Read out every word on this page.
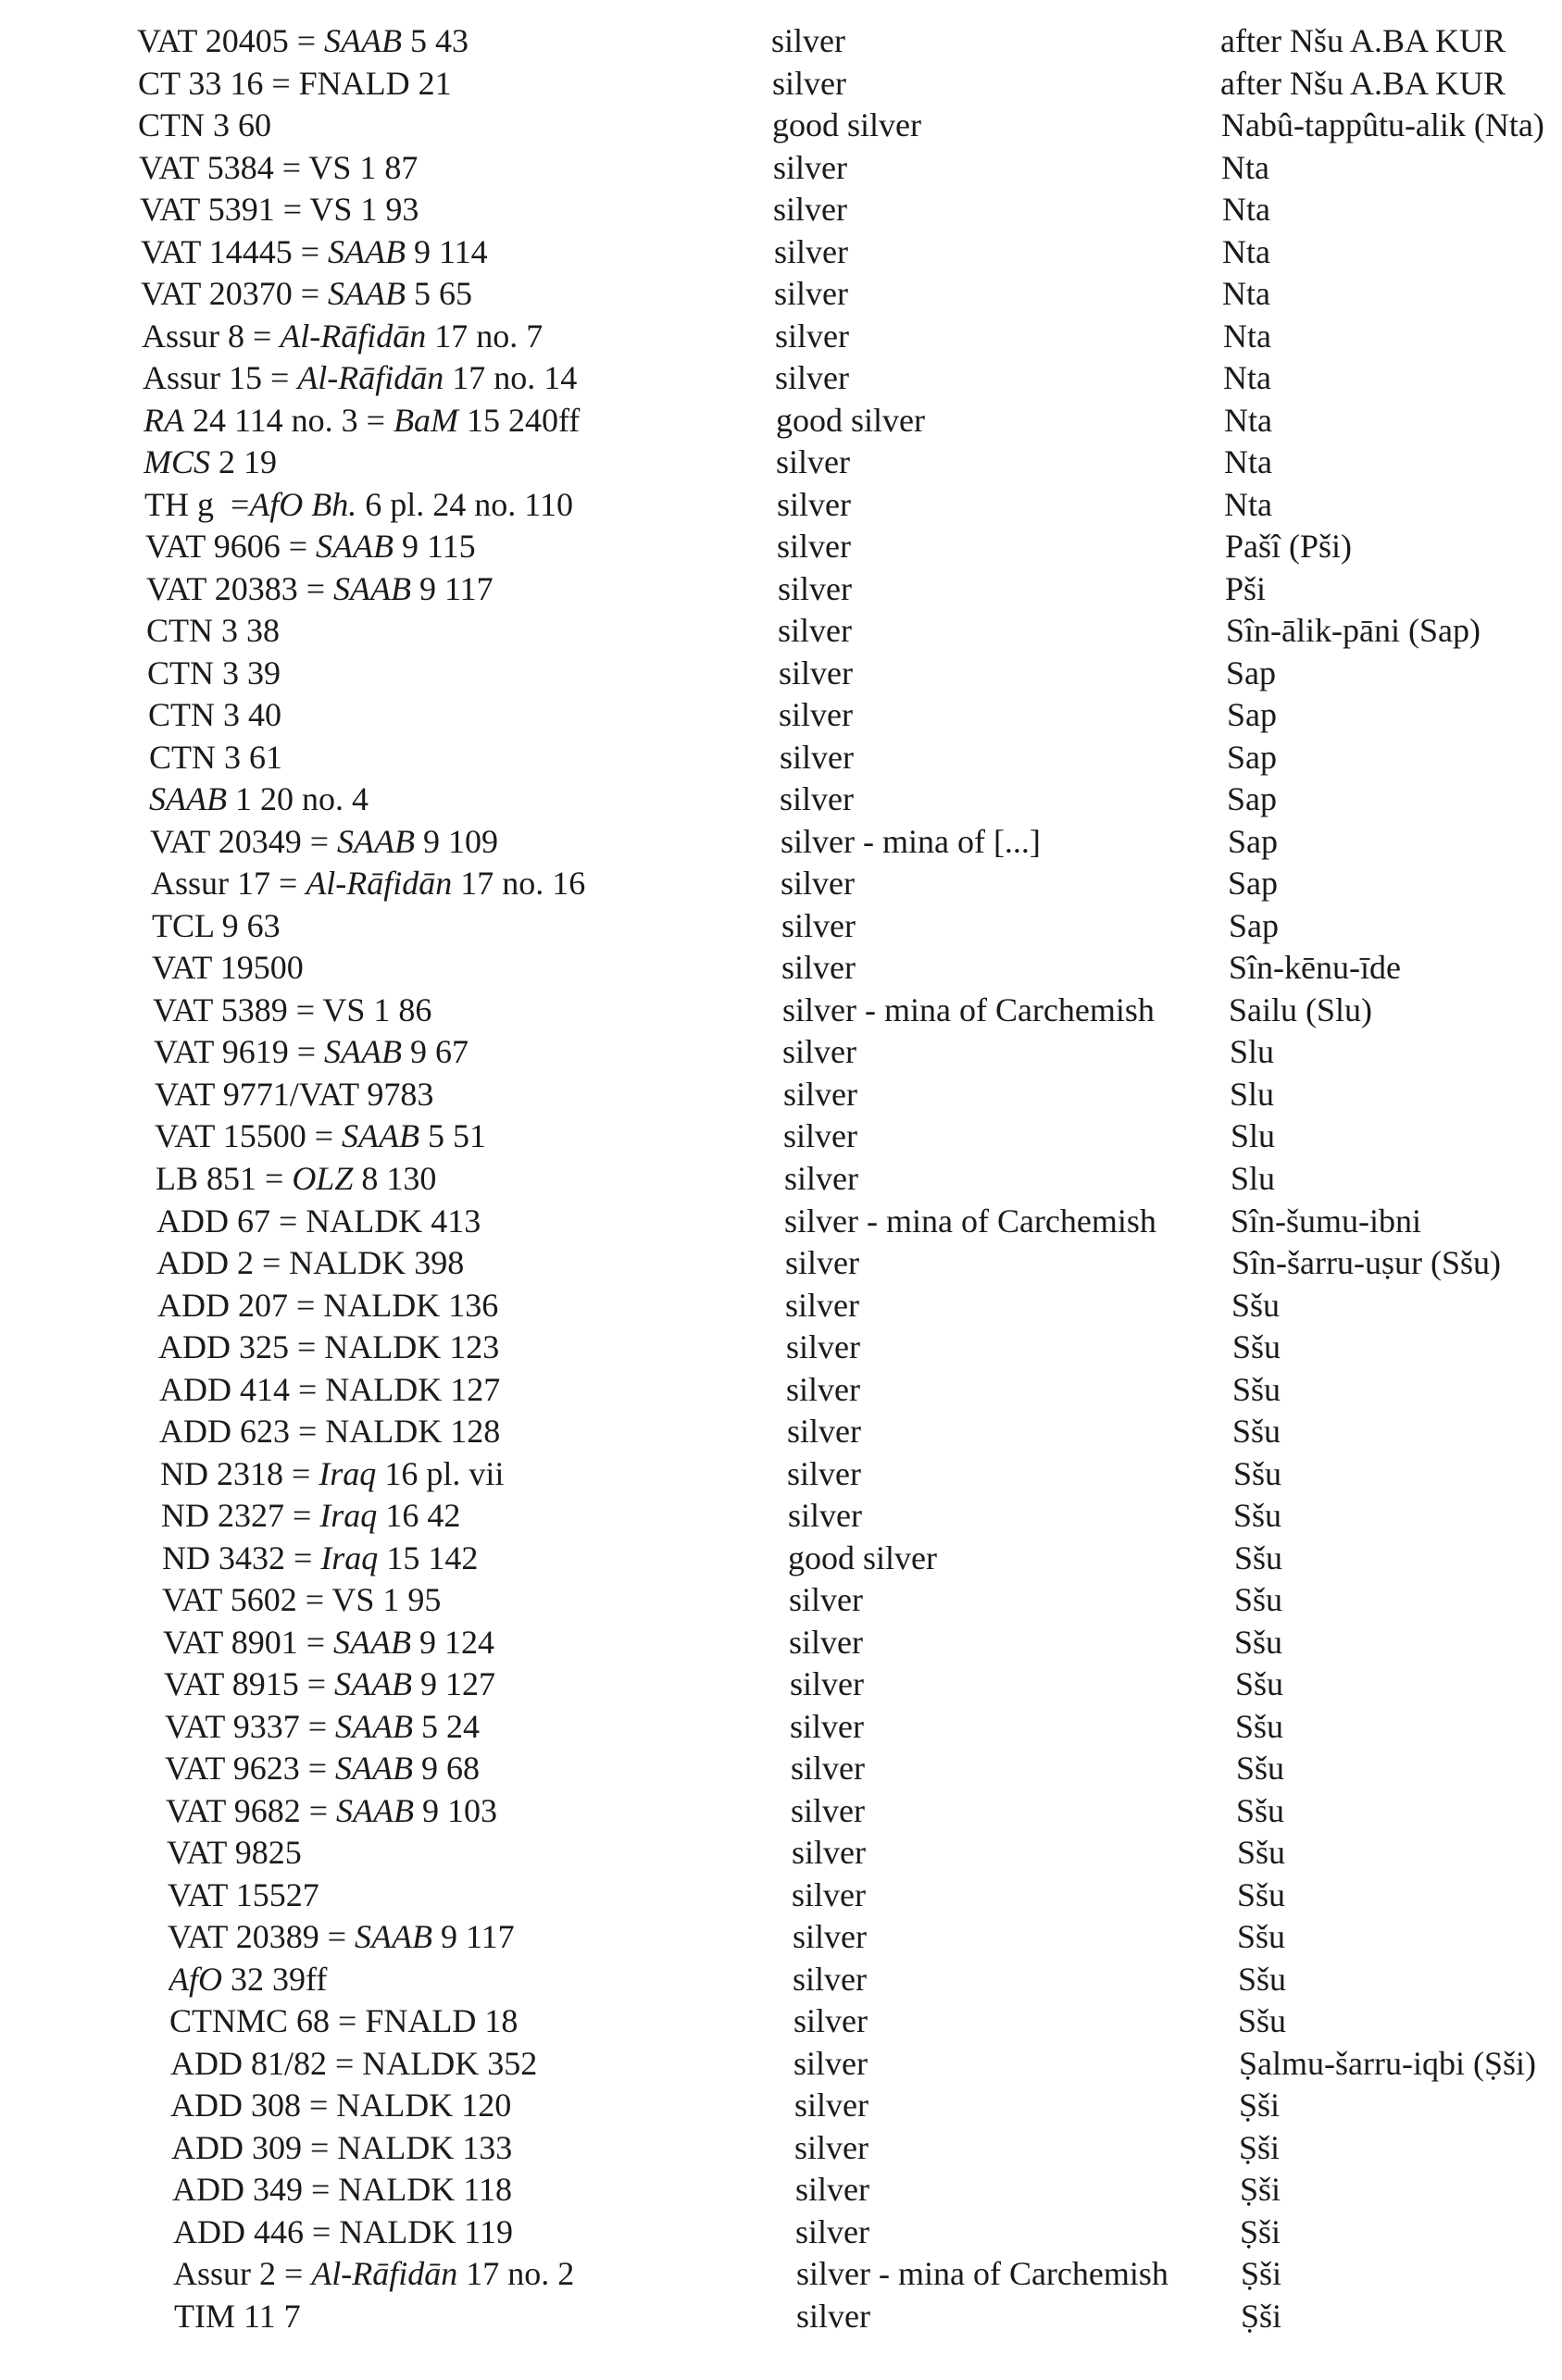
VAT 20405 = SAAB 5 43	silver	after Nšu A.BA KUR
CT 33 16 = FNALD 21	silver	after Nšu A.BA KUR
CTN 3 60	good silver	Nabû-tappûtu-alik (Nta)
VAT 5384 = VS 1 87	silver	Nta
VAT 5391 = VS 1 93	silver	Nta
VAT 14445 = SAAB 9 114	silver	Nta
VAT 20370 = SAAB 5 65	silver	Nta
Assur 8 = Al-Rāfidān 17 no. 7	silver	Nta
Assur 15 = Al-Rāfidān 17 no. 14	silver	Nta
RA 24 114 no. 3 = BaM 15 240ff	good silver	Nta
MCS 2 19	silver	Nta
TH g  =AfO Bh. 6 pl. 24 no. 110	silver	Nta
VAT 9606 = SAAB 9 115	silver	Pašî (Pši)
VAT 20383 = SAAB 9 117	silver	Pši
CTN 3 38	silver	Sîn-ālik-pāni (Sap)
CTN 3 39	silver	Sap
CTN 3 40	silver	Sap
CTN 3 61	silver	Sap
SAAB 1 20 no. 4	silver	Sap
VAT 20349 = SAAB 9 109	silver - mina of [...]	Sap
Assur 17 = Al-Rāfidān 17 no. 16	silver	Sap
TCL 9 63	silver	Sap
VAT 19500	silver	Sîn-kēnu-īde
VAT 5389 = VS 1 86	silver - mina of Carchemish	Sailu (Slu)
VAT 9619 = SAAB 9 67	silver	Slu
VAT 9771/VAT 9783	silver	Slu
VAT 15500 = SAAB 5 51	silver	Slu
LB 851 = OLZ 8 130	silver	Slu
ADD 67 = NALDK 413	silver - mina of Carchemish	Sîn-šumu-ibni
ADD 2 = NALDK 398	silver	Sîn-šarru-uṣur (Sšu)
ADD 207 = NALDK 136	silver	Sšu
ADD 325 = NALDK 123	silver	Sšu
ADD 414 = NALDK 127	silver	Sšu
ADD 623 = NALDK 128	silver	Sšu
ND 2318 = Iraq 16 pl. vii	silver	Sšu
ND 2327 = Iraq 16 42	silver	Sšu
ND 3432 = Iraq 15 142	good silver	Sšu
VAT 5602 = VS 1 95	silver	Sšu
VAT 8901 = SAAB 9 124	silver	Sšu
VAT 8915 = SAAB 9 127	silver	Sšu
VAT 9337 = SAAB 5 24	silver	Sšu
VAT 9623 = SAAB 9 68	silver	Sšu
VAT 9682 = SAAB 9 103	silver	Sšu
VAT 9825	silver	Sšu
VAT 15527	silver	Sšu
VAT 20389 = SAAB 9 117	silver	Sšu
AfO 32 39ff	silver	Sšu
CTNMC 68 = FNALD 18	silver	Sšu
ADD 81/82 = NALDK 352	silver	Ṣalmu-šarru-iqbi (Ṣši)
ADD 308 = NALDK 120	silver	Ṣši
ADD 309 = NALDK 133	silver	Ṣši
ADD 349 = NALDK 118	silver	Ṣši
ADD 446 = NALDK 119	silver	Ṣši
Assur 2 = Al-Rāfidān 17 no. 2	silver - mina of Carchemish	Ṣši
TIM 11 7	silver	Ṣši
